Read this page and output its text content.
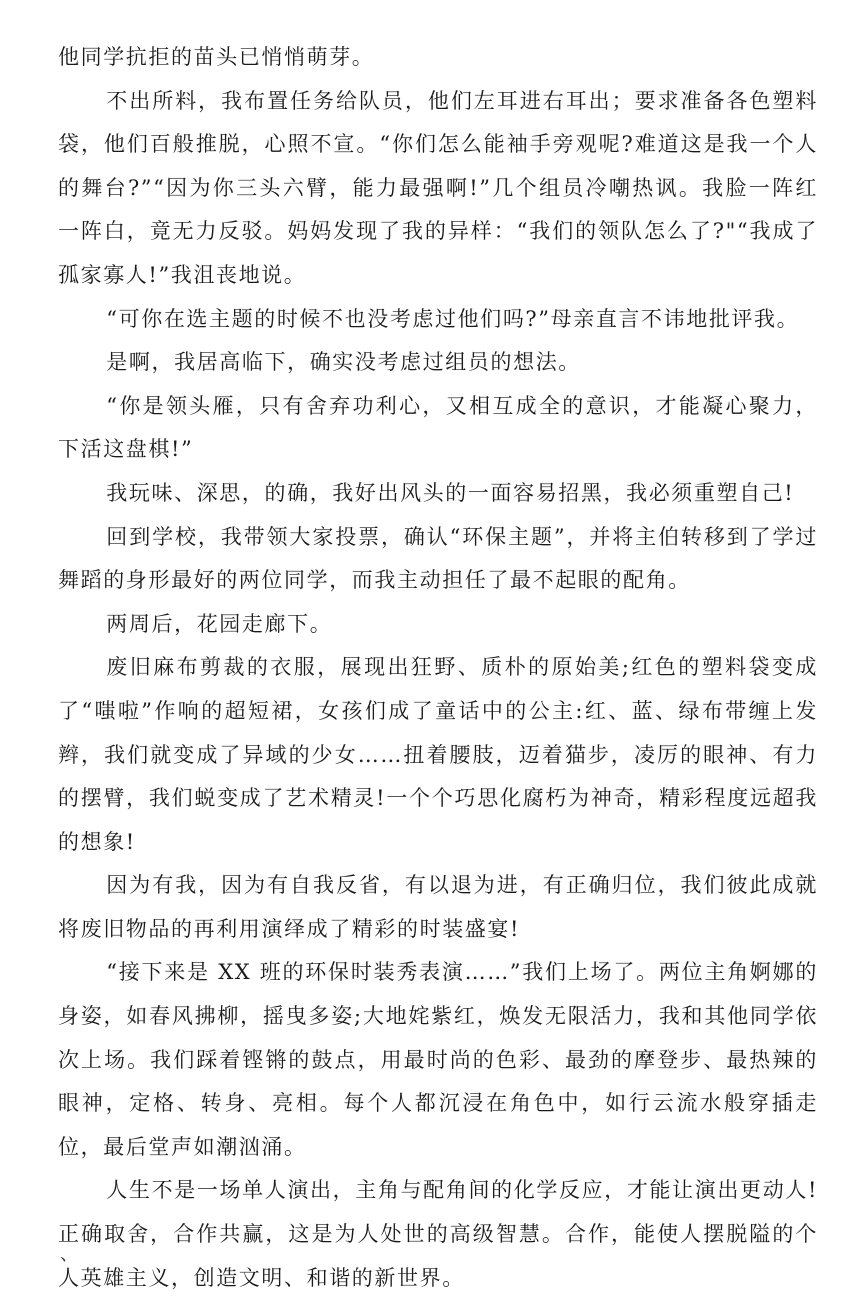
他同学抗拒的苗头已悄悄萌芽。

不出所料，我布置任务给队员，他们左耳进右耳出；要求准备各色塑料袋，他们百般推脱，心照不宣。“你们怎么能袖手旁观呢?难道这是我一个人的舞台?”“因为你三头六臂，能力最强啊!”几个组员冷嘲热讽。我脸一阵红一阵白，竟无力反驳。妈妈发现了我的异样：“我们的领队怎么了?"“我成了孤家寡人!”我沮丧地说。

“可你在选主题的时候不也没考虑过他们吗?”母亲直言不讳地批评我。

是啊，我居高临下，确实没考虑过组员的想法。

“你是领头雁，只有舍弃功利心，又相互成全的意识，才能凝心聚力，下活这盘棋!”

我玩味、深思，的确，我好出风头的一面容易招黑，我必须重塑自己!

回到学校，我带领大家投票，确认“环保主题”，并将主伯转移到了学过舞蹈的身形最好的两位同学，而我主动担任了最不起眼的配角。

两周后，花园走廊下。

废旧麻布剪裁的衣服，展现出狂野、质朴的原始美;红色的塑料袋变成了“嗤啦”作响的超短裙，女孩们成了童话中的公主:红、蓝、绿布带缠上发辫，我们就变成了异域的少女……扭着腰肢，迈着猫步，凌厉的眼神、有力的摆臂，我们蜕变成了艺术精灵!一个个巧思化腐朽为神奇，精彩程度远超我的想象!

因为有我，因为有自我反省，有以退为进，有正确归位，我们彼此成就将废旧物品的再利用演绎成了精彩的时装盛宴!

“接下来是 XX 班的环保时装秀表演……”我们上场了。两位主角婀娜的身姿，如春风拂柳，摇曳多姿;大地姹紫红，焕发无限活力，我和其他同学依次上场。我们踩着铿锵的鼓点，用最时尚的色彩、最劲的摩登步、最热辣的眼神，定格、转身、亮相。每个人都沉浸在角色中，如行云流水般穿插走位，最后堂声如潮汹涌。

人生不是一场单人演出，主角与配角间的化学反应，才能让演出更动人!正确取舍，合作共赢，这是为人处世的高级智慧。合作，能使人摆脱隘的个人英雄主义，创造文明、和谐的新世界。

、
